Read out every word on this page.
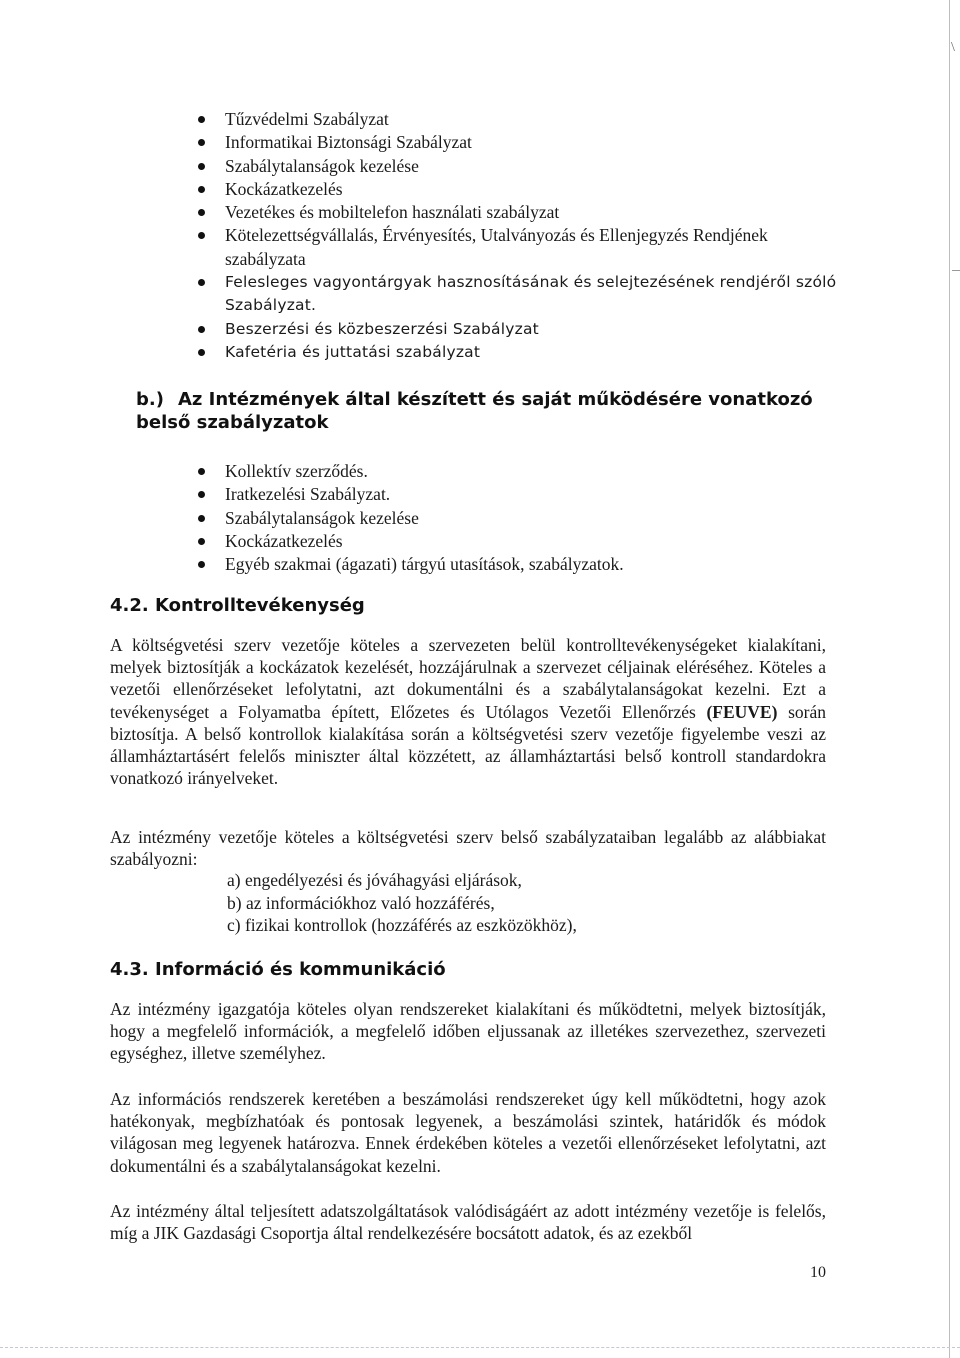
\
Tűzvédelmi Szabályzat
Informatikai Biztonsági Szabályzat
Szabálytalanságok kezelése
Kockázatkezelés
Vezetékes és mobiltelefon használati szabályzat
Kötelezettségvállalás, Érvényesítés, Utalványozás és Ellenjegyzés Rendjének szabályzata
Felesleges vagyontárgyak hasznosításának és selejtezésének rendjéről szóló Szabályzat.
Beszerzési és közbeszerzési Szabályzat
Kafetéria és juttatási szabályzat
b.) Az Intézmények által készített és saját működésére vonatkozó belső szabályzatok
Kollektív szerződés.
Iratkezelési Szabályzat.
Szabálytalanságok kezelése
Kockázatkezelés
Egyéb szakmai (ágazati) tárgyú utasítások, szabályzatok.
4.2. Kontrolltevékenység

A költségvetési szerv vezetője köteles a szervezeten belül kontrolltevékenységeket kialakítani, melyek biztosítják a kockázatok kezelését, hozzájárulnak a szervezet céljainak eléréséhez. Köteles a vezetői ellenőrzéseket lefolytatni, azt dokumentálni és a szabálytalanságokat kezelni. Ezt a tevékenységet a Folyamatba épített, Előzetes és Utólagos Vezetői Ellenőrzés (FEUVE) során biztosítja. A belső kontrollok kialakítása során a költségvetési szerv vezetője figyelembe veszi az államháztartásért felelős miniszter által közzétett, az államháztartási belső kontroll standardokra vonatkozó irányelveket.

Az intézmény vezetője köteles a költségvetési szerv belső szabályzataiban legalább az alábbiakat szabályozni:

a) engedélyezési és jóváhagyási eljárások,
b) az információkhoz való hozzáférés,
c) fizikai kontrollok (hozzáférés az eszközökhöz),
4.3. Információ és kommunikáció

Az intézmény igazgatója köteles olyan rendszereket kialakítani és működtetni, melyek biztosítják, hogy a megfelelő információk, a megfelelő időben eljussanak az illetékes szervezethez, szervezeti egységhez, illetve személyhez.

Az információs rendszerek keretében a beszámolási rendszereket úgy kell működtetni, hogy azok hatékonyak, megbízhatóak és pontosak legyenek, a beszámolási szintek, határidők és módok világosan meg legyenek határozva. Ennek érdekében köteles a vezetői ellenőrzéseket lefolytatni, azt dokumentálni és a szabálytalanságokat kezelni.

Az intézmény által teljesített adatszolgáltatások valódiságáért az adott intézmény vezetője is felelős, míg a JIK Gazdasági Csoportja által rendelkezésére bocsátott adatok, és az ezekből

10
